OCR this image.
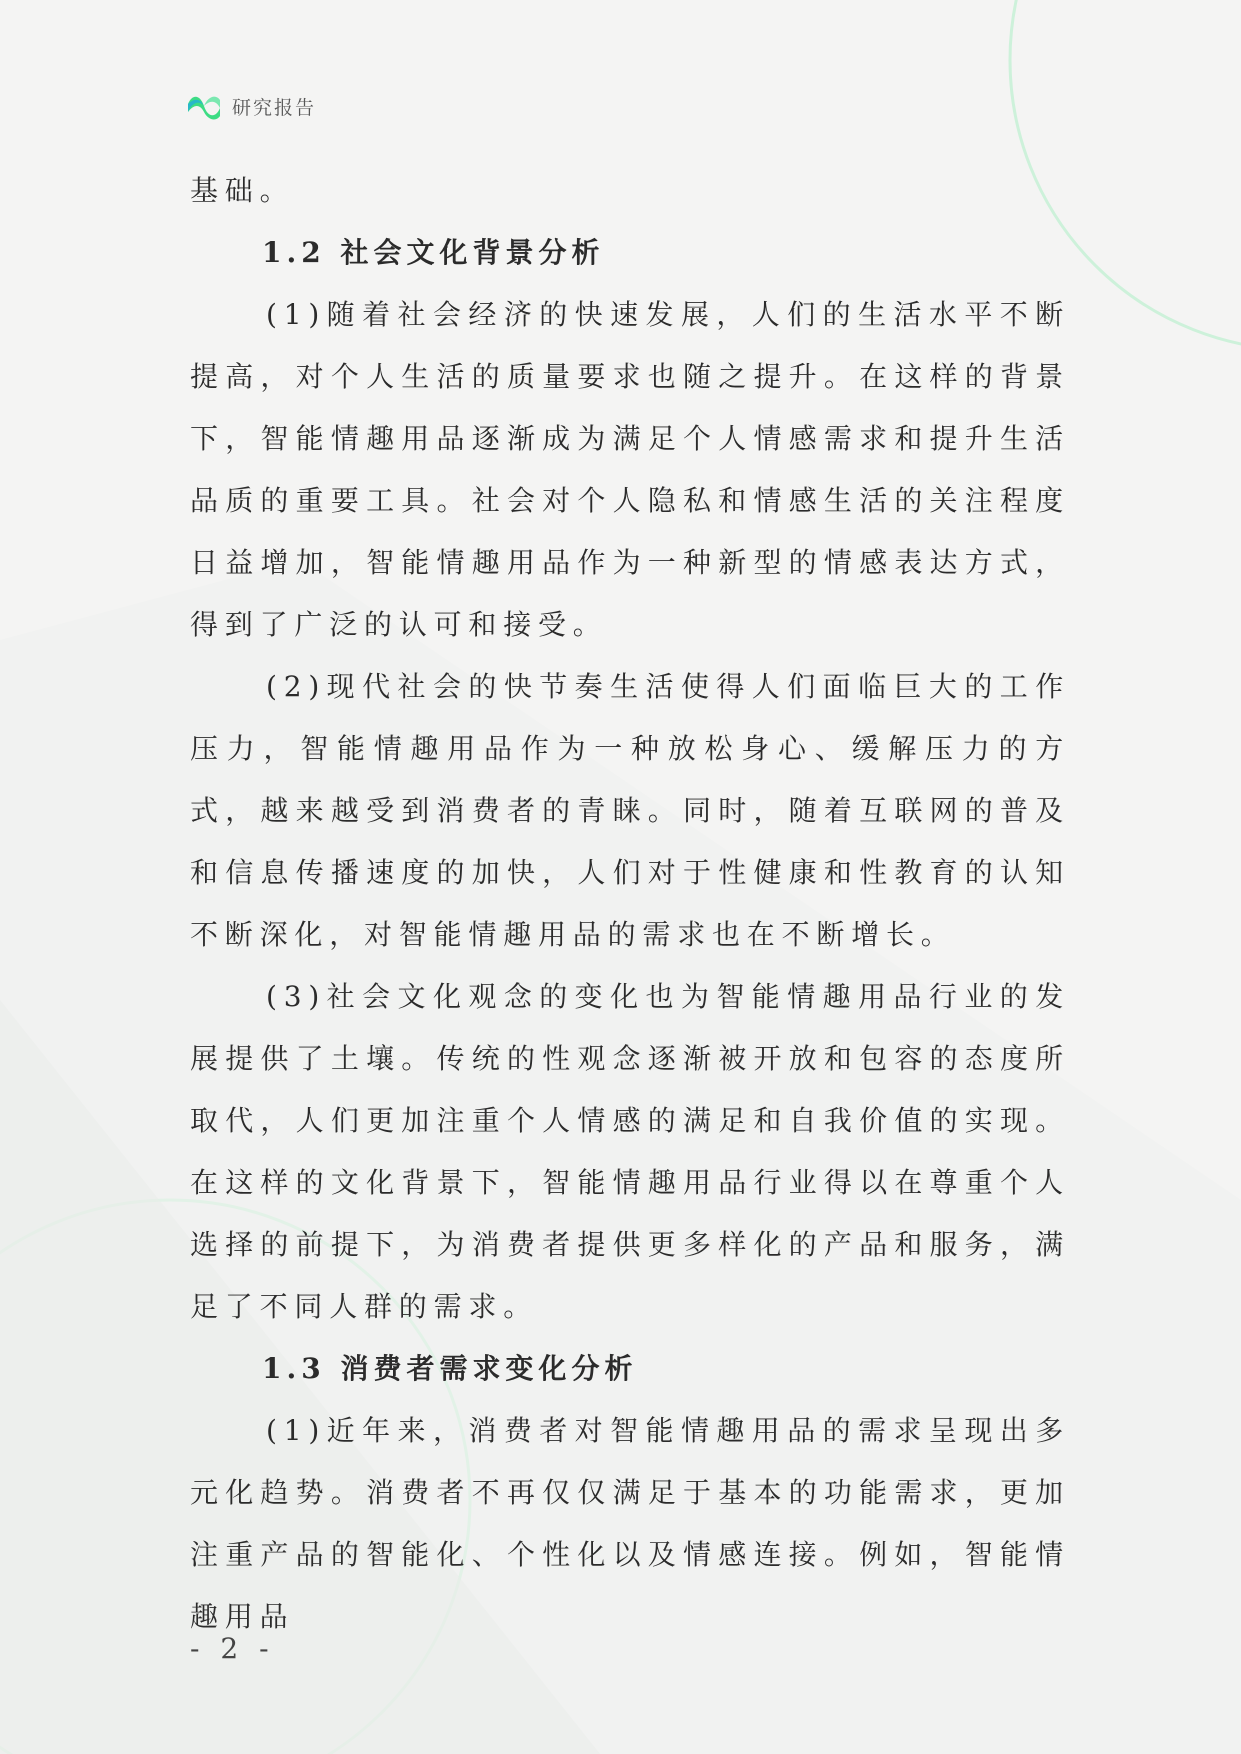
研究报告

基础。

1.2 社会文化背景分析

(1)随着社会经济的快速发展，人们的生活水平不断提高，对个人生活的质量要求也随之提升。在这样的背景下，智能情趣用品逐渐成为满足个人情感需求和提升生活品质的重要工具。社会对个人隐私和情感生活的关注程度日益增加，智能情趣用品作为一种新型的情感表达方式，得到了广泛的认可和接受。

(2)现代社会的快节奏生活使得人们面临巨大的工作压力，智能情趣用品作为一种放松身心、缓解压力的方式，越来越受到消费者的青睐。同时，随着互联网的普及和信息传播速度的加快，人们对于性健康和性教育的认知不断深化，对智能情趣用品的需求也在不断增长。

(3)社会文化观念的变化也为智能情趣用品行业的发展提供了土壤。传统的性观念逐渐被开放和包容的态度所取代，人们更加注重个人情感的满足和自我价值的实现。在这样的文化背景下，智能情趣用品行业得以在尊重个人选择的前提下，为消费者提供更多样化的产品和服务，满足了不同人群的需求。

1.3 消费者需求变化分析

(1)近年来，消费者对智能情趣用品的需求呈现出多元化趋势。消费者不再仅仅满足于基本的功能需求，更加注重产品的智能化、个性化以及情感连接。例如，智能情趣用品

- 2 -
